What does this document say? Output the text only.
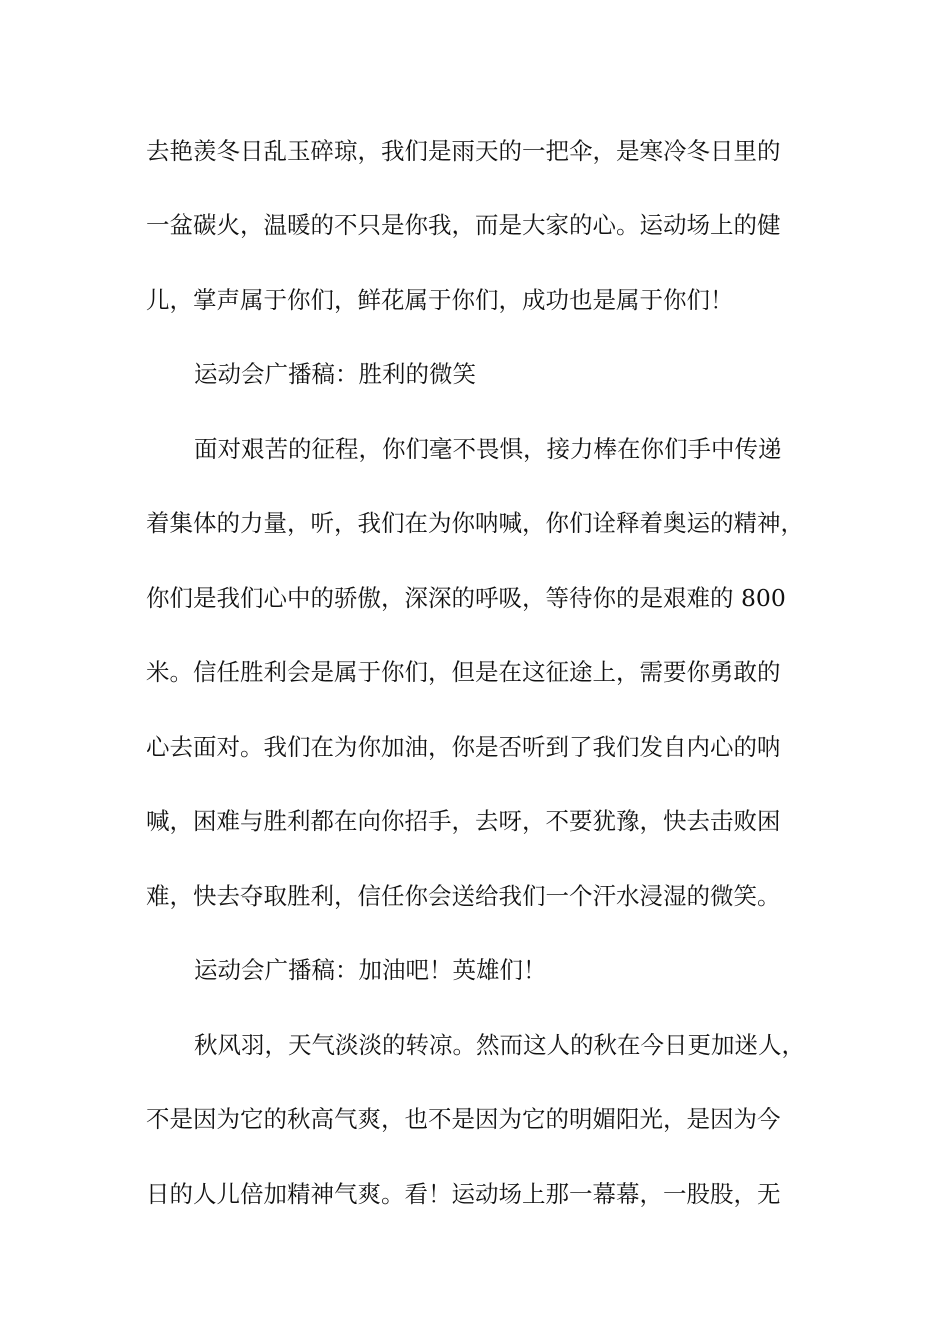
去艳羡冬日乱玉碎琼，我们是雨天的一把伞，是寒冷冬日里的
一盆碳火，温暖的不只是你我，而是大家的心。运动场上的健
儿，掌声属于你们，鲜花属于你们，成功也是属于你们！
运动会广播稿：胜利的微笑
面对艰苦的征程，你们毫不畏惧，接力棒在你们手中传递
着集体的力量，听，我们在为你呐喊，你们诠释着奥运的精神，
你们是我们心中的骄傲，深深的呼吸，等待你的是艰难的 800
米。信任胜利会是属于你们，但是在这征途上，需要你勇敢的
心去面对。我们在为你加油，你是否听到了我们发自内心的呐
喊，困难与胜利都在向你招手，去呀，不要犹豫，快去击败困
难，快去夺取胜利，信任你会送给我们一个汗水浸湿的微笑。
运动会广播稿：加油吧！英雄们！
秋风羽，天气淡淡的转凉。然而这人的秋在今日更加迷人，
不是因为它的秋高气爽，也不是因为它的明媚阳光，是因为今
日的人儿倍加精神气爽。看！运动场上那一幕幕，一股股，无
